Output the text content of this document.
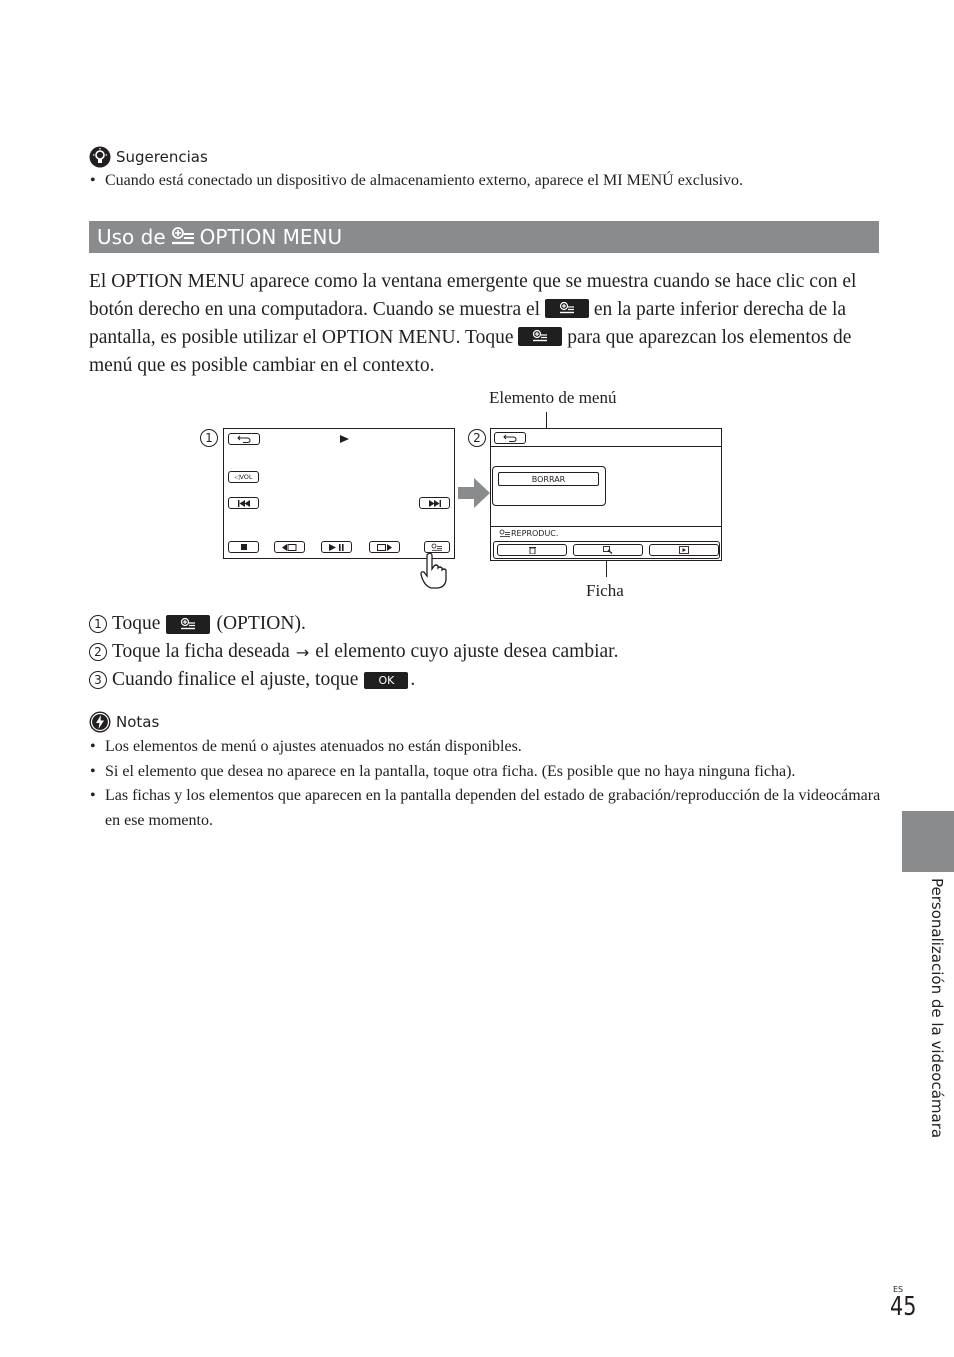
Sugerencias
• Cuando está conectado un dispositivo de almacenamiento externo, aparece el MI MENÚ exclusivo.
Uso de OPTION MENU
El OPTION MENU aparece como la ventana emergente que se muestra cuando se hace clic con el botón derecho en una computadora. Cuando se muestra el	en la parte inferior derecha de la pantalla, es posible utilizar el OPTION MENU. Toque	para que aparezcan los elementos de menú que es posible cambiar en el contexto.
Elemento de menú
1
◁ VOL
2
BORRAR
REPRODUC.
Ficha
1 Toque	(OPTION).
2 Toque la ficha deseada → el elemento cuyo ajuste desea cambiar.
3 Cuando finalice el ajuste, toque	OK .
Notas
• Los elementos de menú o ajustes atenuados no están disponibles.
• Si el elemento que desea no aparece en la pantalla, toque otra ficha. (Es posible que no haya ninguna ficha).
• Las fichas y los elementos que aparecen en la pantalla dependen del estado de grabación/reproducción de la videocámara en ese momento.
Personalización de la videocámara
ES
45
